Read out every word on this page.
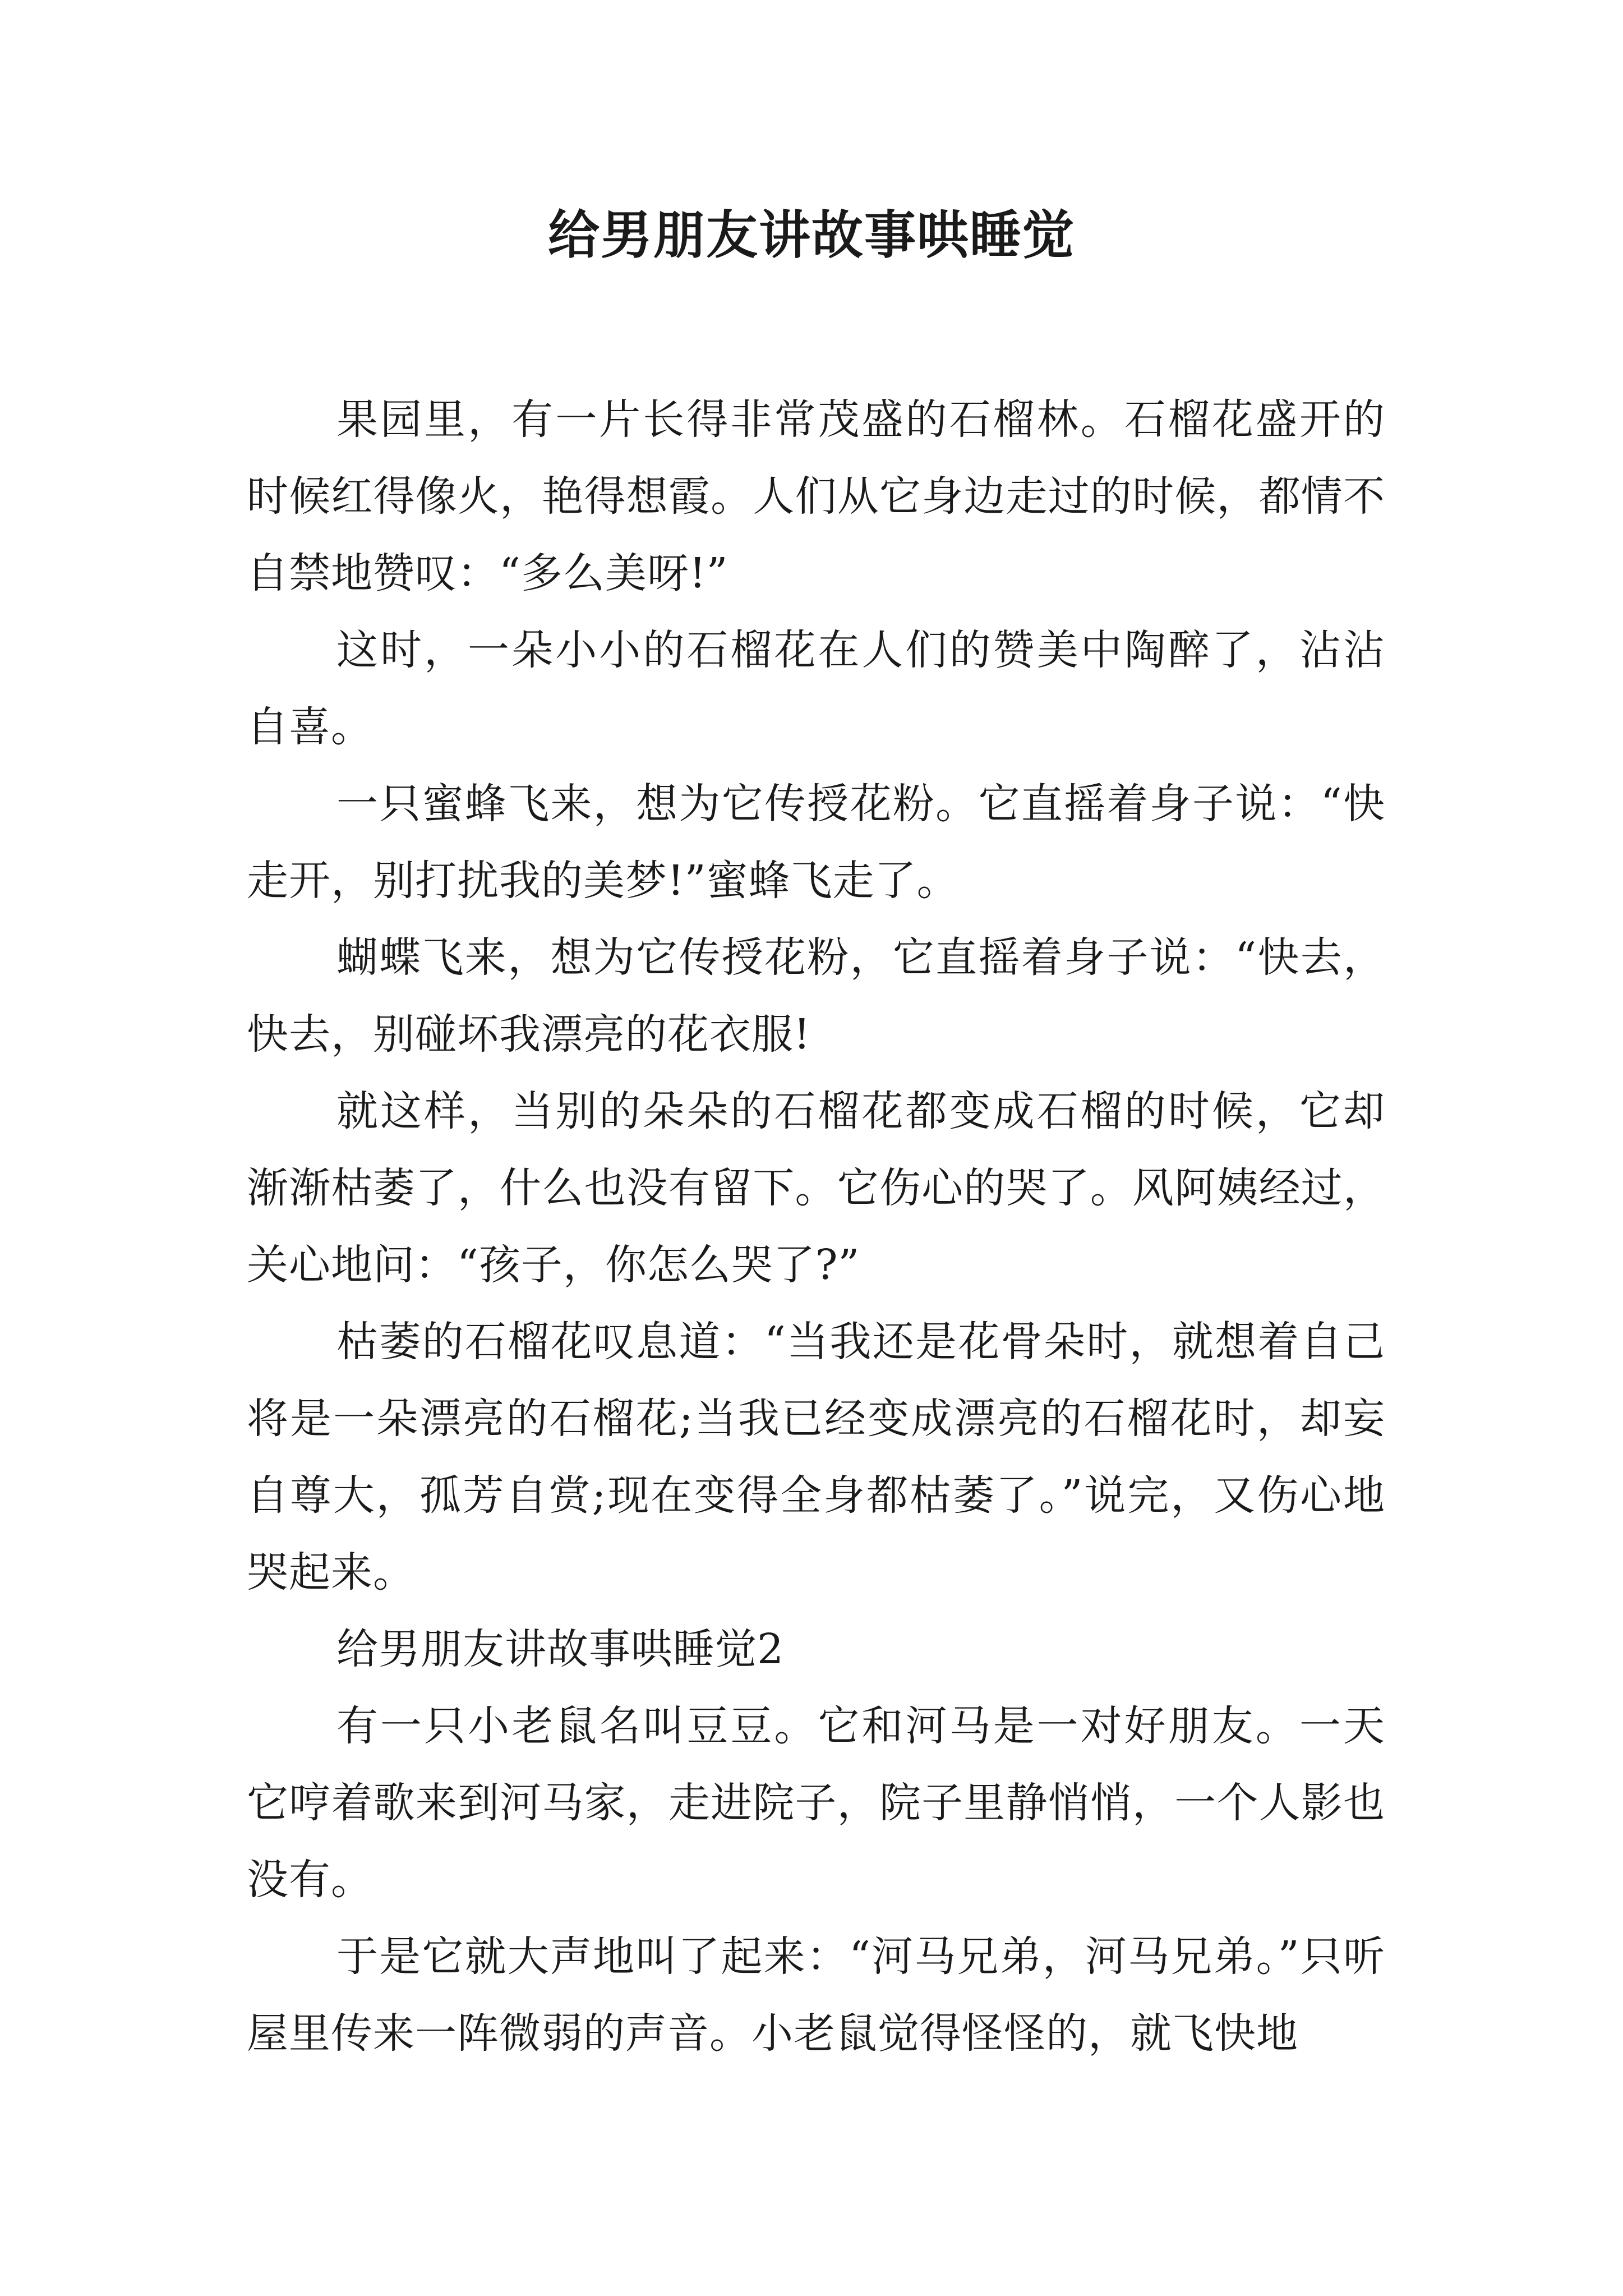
给男朋友讲故事哄睡觉

果园里，有一片长得非常茂盛的石榴林。石榴花盛开的时候红得像火，艳得想霞。人们从它身边走过的时候，都情不自禁地赞叹：“多么美呀!”

这时，一朵小小的石榴花在人们的赞美中陶醉了，沾沾自喜。

一只蜜蜂飞来，想为它传授花粉。它直摇着身子说：“快走开，别打扰我的美梦!”蜜蜂飞走了。

蝴蝶飞来，想为它传授花粉，它直摇着身子说：“快去，快去，别碰坏我漂亮的花衣服!

就这样，当别的朵朵的石榴花都变成石榴的时候，它却渐渐枯萎了，什么也没有留下。它伤心的哭了。风阿姨经过，关心地问：“孩子，你怎么哭了?”

枯萎的石榴花叹息道：“当我还是花骨朵时，就想着自己将是一朵漂亮的石榴花;当我已经变成漂亮的石榴花时，却妄自尊大，孤芳自赏;现在变得全身都枯萎了。”说完，又伤心地哭起来。

给男朋友讲故事哄睡觉2

有一只小老鼠名叫豆豆。它和河马是一对好朋友。一天它哼着歌来到河马家，走进院子，院子里静悄悄，一个人影也没有。

于是它就大声地叫了起来：“河马兄弟，河马兄弟。”只听屋里传来一阵微弱的声音。小老鼠觉得怪怪的，就飞快地
